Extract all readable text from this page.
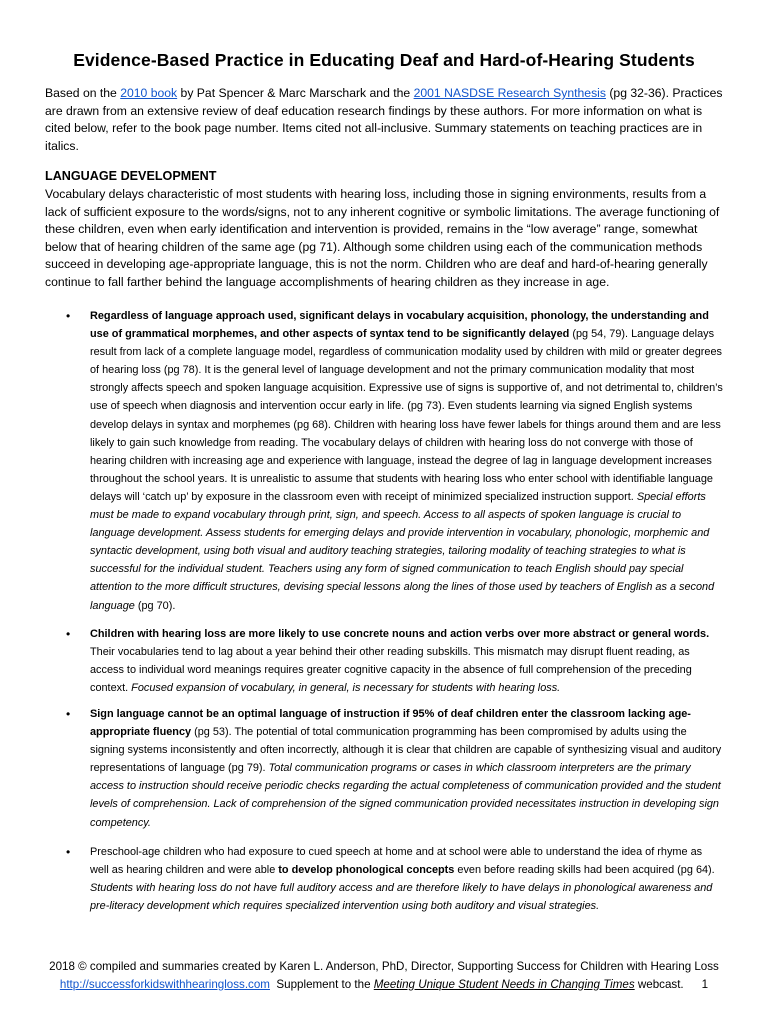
Evidence-Based Practice in Educating Deaf and Hard-of-Hearing Students

Based on the 2010 book by Pat Spencer & Marc Marschark and the 2001 NASDSE Research Synthesis (pg 32-36). Practices are drawn from an extensive review of deaf education research findings by these authors. For more information on what is cited below, refer to the book page number. Items cited not all-inclusive. Summary statements on teaching practices are in italics.

LANGUAGE DEVELOPMENT

Vocabulary delays characteristic of most students with hearing loss, including those in signing environments, results from a lack of sufficient exposure to the words/signs, not to any inherent cognitive or symbolic limitations. The average functioning of these children, even when early identification and intervention is provided, remains in the “low average” range, somewhat below that of hearing children of the same age (pg 71). Although some children using each of the communication methods succeed in developing age-appropriate language, this is not the norm. Children who are deaf and hard-of-hearing generally continue to fall farther behind the language accomplishments of hearing children as they increase in age.

• Regardless of language approach used, significant delays in vocabulary acquisition, phonology, the understanding and use of grammatical morphemes, and other aspects of syntax tend to be significantly delayed (pg 54, 79). Language delays result from lack of a complete language model, regardless of communication modality used by children with mild or greater degrees of hearing loss (pg 78). It is the general level of language development and not the primary communication modality that most strongly affects speech and spoken language acquisition. Expressive use of signs is supportive of, and not detrimental to, children’s use of speech when diagnosis and intervention occur early in life. (pg 73). Even students learning via signed English systems develop delays in syntax and morphemes (pg 68). Children with hearing loss have fewer labels for things around them and are less likely to gain such knowledge from reading. The vocabulary delays of children with hearing loss do not converge with those of hearing children with increasing age and experience with language, instead the degree of lag in language development increases throughout the school years. It is unrealistic to assume that students with hearing loss who enter school with identifiable language delays will ‘catch up’ by exposure in the classroom even with receipt of minimized specialized instruction support. Special efforts must be made to expand vocabulary through print, sign, and speech. Access to all aspects of spoken language is crucial to language development. Assess students for emerging delays and provide intervention in vocabulary, phonologic, morphemic and syntactic development, using both visual and auditory teaching strategies, tailoring modality of teaching strategies to what is successful for the individual student. Teachers using any form of signed communication to teach English should pay special attention to the more difficult structures, devising special lessons along the lines of those used by teachers of English as a second language (pg 70).
• Children with hearing loss are more likely to use concrete nouns and action verbs over more abstract or general words. Their vocabularies tend to lag about a year behind their other reading subskills. This mismatch may disrupt fluent reading, as access to individual word meanings requires greater cognitive capacity in the absence of full comprehension of the preceding context. Focused expansion of vocabulary, in general, is necessary for students with hearing loss.
• Sign language cannot be an optimal language of instruction if 95% of deaf children enter the classroom lacking age-appropriate fluency (pg 53). The potential of total communication programming has been compromised by adults using the signing systems inconsistently and often incorrectly, although it is clear that children are capable of synthesizing visual and auditory representations of language (pg 79). Total communication programs or cases in which classroom interpreters are the primary access to instruction should receive periodic checks regarding the actual completeness of communication provided and the student levels of comprehension. Lack of comprehension of the signed communication provided necessitates instruction in developing sign competency.
• Preschool-age children who had exposure to cued speech at home and at school were able to understand the idea of rhyme as well as hearing children and were able to develop phonological concepts even before reading skills had been acquired (pg 64). Students with hearing loss do not have full auditory access and are therefore likely to have delays in phonological awareness and pre-literacy development which requires specialized intervention using both auditory and visual strategies.
2018 © compiled and summaries created by Karen L. Anderson, PhD, Director, Supporting Success for Children with Hearing Loss
http://successforkidswithhearingloss.com  Supplement to the Meeting Unique Student Needs in Changing Times webcast. 1
